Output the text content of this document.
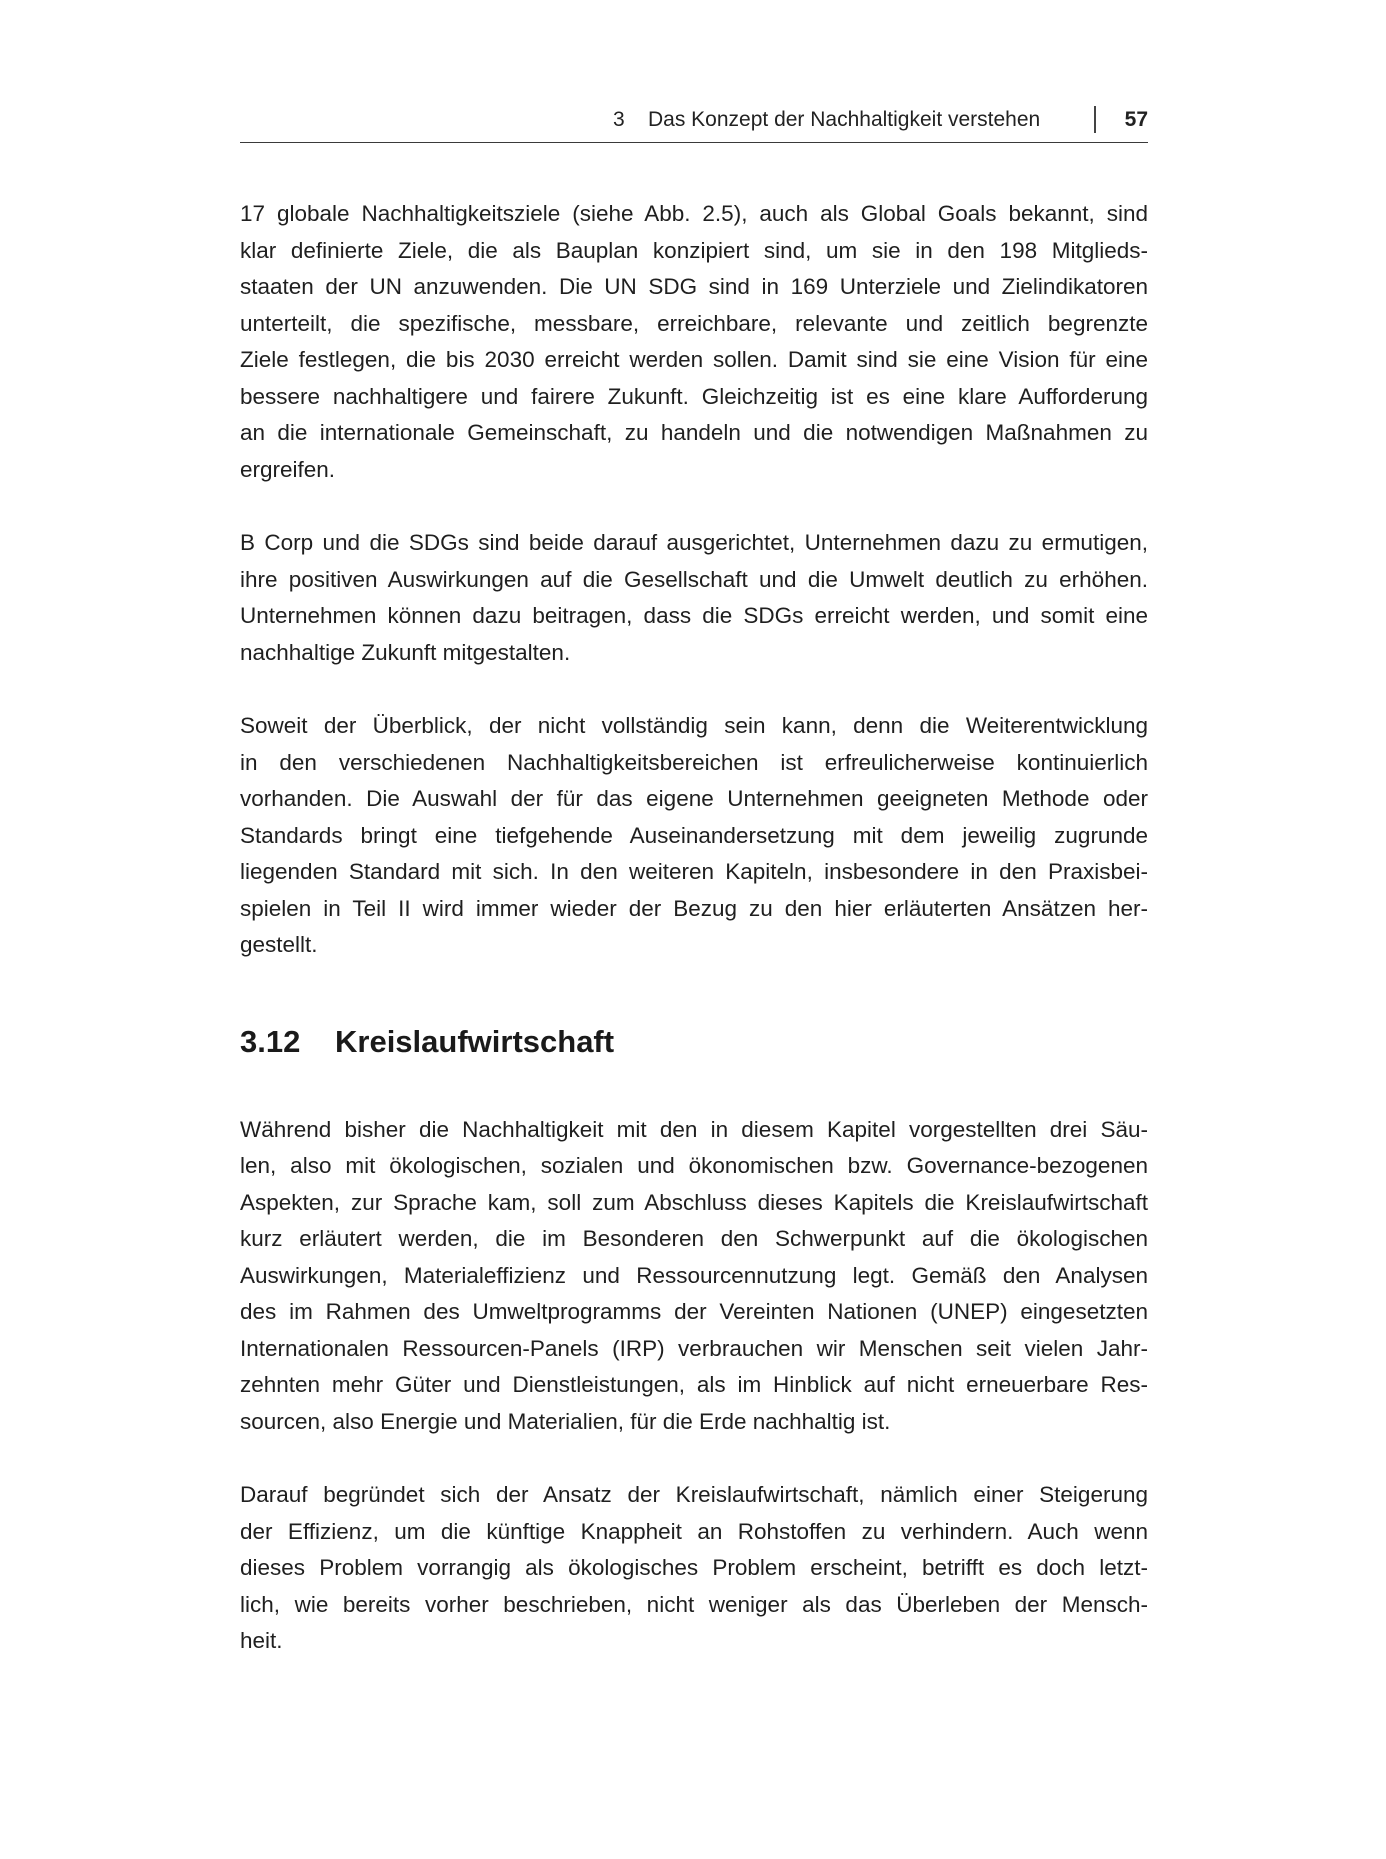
3 Das Konzept der Nachhaltigkeit verstehen	57
17 globale Nachhaltigkeitsziele (siehe Abb. 2.5), auch als Global Goals bekannt, sind
klar definierte Ziele, die als Bauplan konzipiert sind, um sie in den 198 Mitglieds-
staaten der UN anzuwenden. Die UN SDG sind in 169 Unterziele und Zielindikatoren
unterteilt, die spezifische, messbare, erreichbare, relevante und zeitlich begrenzte
Ziele festlegen, die bis 2030 erreicht werden sollen. Damit sind sie eine Vision für eine
bessere nachhaltigere und fairere Zukunft. Gleichzeitig ist es eine klare Aufforderung
an die internationale Gemeinschaft, zu handeln und die notwendigen Maßnahmen zu
ergreifen.
B Corp und die SDGs sind beide darauf ausgerichtet, Unternehmen dazu zu ermutigen,
ihre positiven Auswirkungen auf die Gesellschaft und die Umwelt deutlich zu erhöhen.
Unternehmen können dazu beitragen, dass die SDGs erreicht werden, und somit eine
nachhaltige Zukunft mitgestalten.
Soweit der Überblick, der nicht vollständig sein kann, denn die Weiterentwicklung
in den verschiedenen Nachhaltigkeitsbereichen ist erfreulicherweise kontinuierlich
vorhanden. Die Auswahl der für das eigene Unternehmen geeigneten Methode oder
Standards bringt eine tiefgehende Auseinandersetzung mit dem jeweilig zugrunde
liegenden Standard mit sich. In den weiteren Kapiteln, insbesondere in den Praxisbei-
spielen in Teil II wird immer wieder der Bezug zu den hier erläuterten Ansätzen her-
gestellt.
3.12 Kreislaufwirtschaft
Während bisher die Nachhaltigkeit mit den in diesem Kapitel vorgestellten drei Säu-
len, also mit ökologischen, sozialen und ökonomischen bzw. Governance-bezogenen
Aspekten, zur Sprache kam, soll zum Abschluss dieses Kapitels die Kreislaufwirtschaft
kurz erläutert werden, die im Besonderen den Schwerpunkt auf die ökologischen
Auswirkungen, Materialeffizienz und Ressourcennutzung legt. Gemäß den Analysen
des im Rahmen des Umweltprogramms der Vereinten Nationen (UNEP) eingesetzten
Internationalen Ressourcen-Panels (IRP) verbrauchen wir Menschen seit vielen Jahr-
zehnten mehr Güter und Dienstleistungen, als im Hinblick auf nicht erneuerbare Res-
sourcen, also Energie und Materialien, für die Erde nachhaltig ist.
Darauf begründet sich der Ansatz der Kreislaufwirtschaft, nämlich einer Steigerung
der Effizienz, um die künftige Knappheit an Rohstoffen zu verhindern. Auch wenn
dieses Problem vorrangig als ökologisches Problem erscheint, betrifft es doch letzt-
lich, wie bereits vorher beschrieben, nicht weniger als das Überleben der Mensch-
heit.
